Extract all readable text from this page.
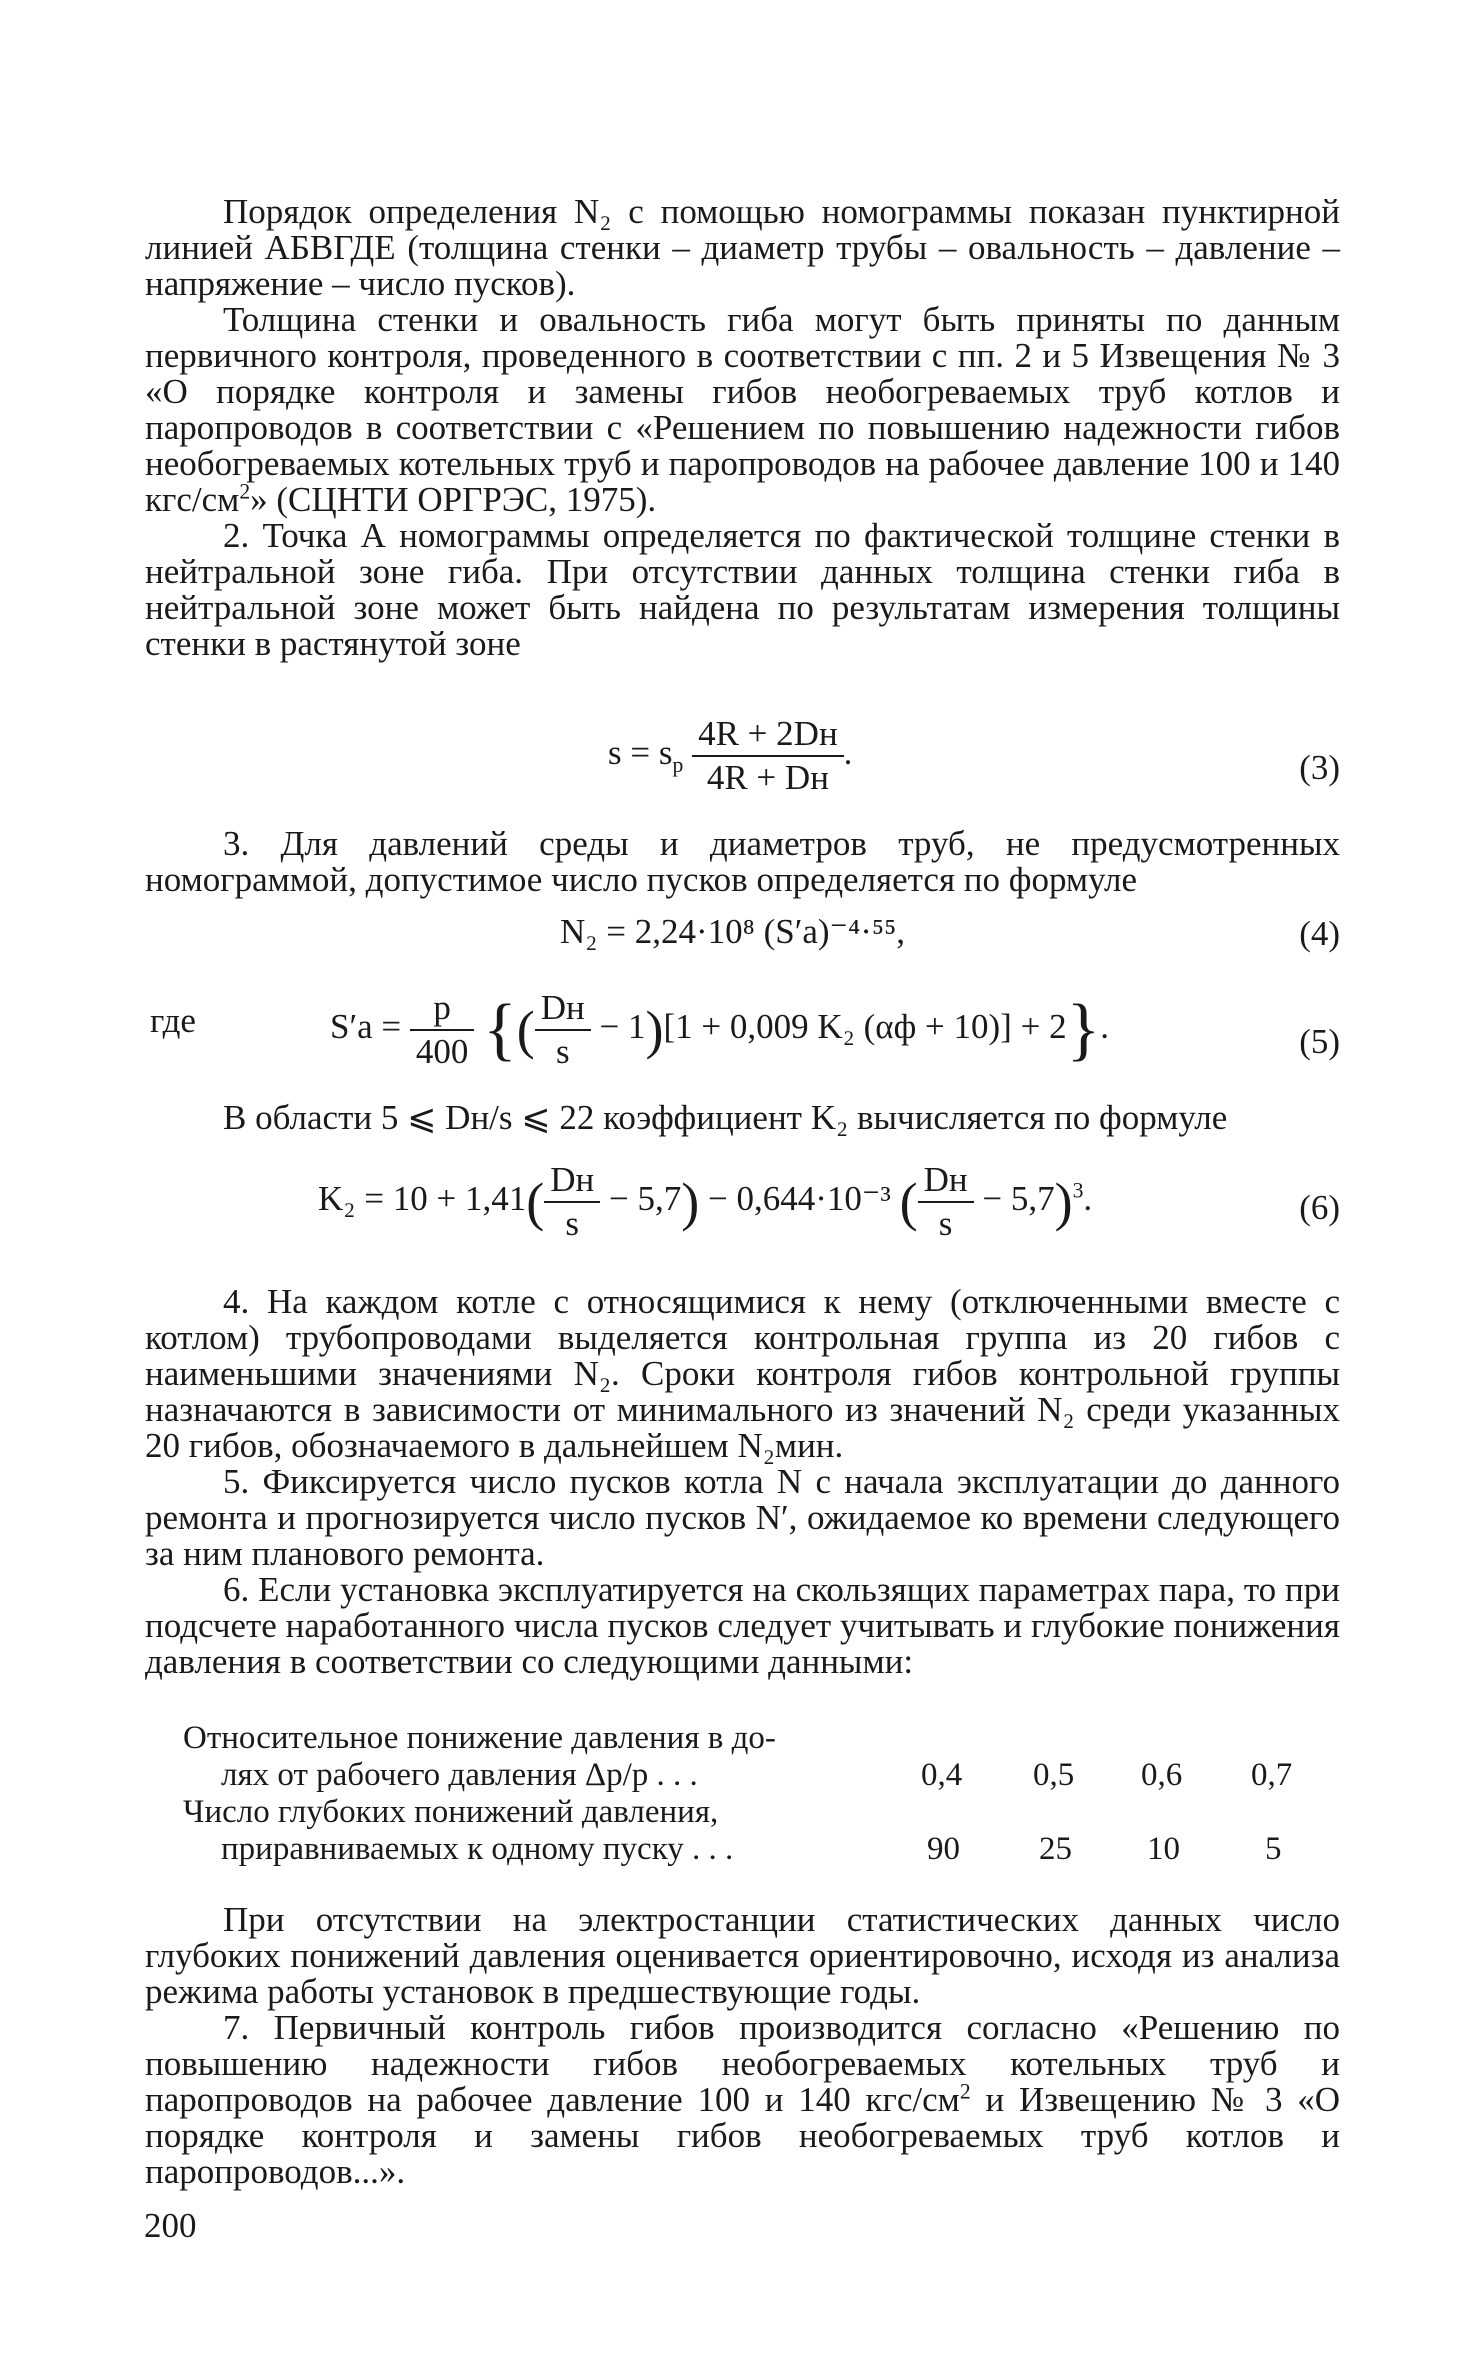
Порядок определения N₂ с помощью номограммы показан пунктирной линией АБВГДЕ (толщина стенки – диаметр трубы – овальность – давление – напряжение – число пусков).

Толщина стенки и овальность гиба могут быть приняты по данным первичного контроля, проведенного в соответствии с пп. 2 и 5 Извещения № 3 «О порядке контроля и замены гибов необогреваемых труб котлов и паропроводов в соответствии с «Решением по повышению надежности гибов необогреваемых котельных труб и паропроводов на рабочее давление 100 и 140 кгс/$см^2$» (СЦНТИ ОРГРЭС, 1975).

2. Точка А номограммы определяется по фактической толщине стенки в нейтральной зоне гиба. При отсутствии данных толщина стенки гиба в нейтральной зоне может быть найдена по результатам измерения толщины стенки в растянутой зоне

$s = s_р \frac{4R + 2Dн}{4R + Dн}$ .	(3)

3. Для давлений среды и диаметров труб, не предусмотренных номограммой, допустимое число пусков определяется по формуле

N₂ = 2,24·10⁸ (S′а)⁻⁴·⁵⁵,	(4)
где	$S'а = \frac{p}{400}$ {( $\frac{Dн}{s} - 1)[1 + 0,009$ K₂ (αф + 10)] + 2}.	(5)

В области 5 ⩽ Dн/s ⩽ 22 коэффициент K₂ вычисляется по формуле

$K_2 = 10 + 1,41( \frac{Dн}{s} - 5,7) - 0,644\cdot 10^{-3}$ ( $\frac{Dн}{s} - 5,7)^3$.	(6)

4. На каждом котле с относящимися к нему (отключенными вместе с котлом) трубопроводами выделяется контрольная группа из 20 гибов с наименьшими значениями N₂. Сроки контроля гибов контрольной группы назначаются в зависимости от минимального из значений N₂ среди указанных 20 гибов, обозначаемого в дальнейшем N₂мин.

5. Фиксируется число пусков котла N с начала эксплуатации до данного ремонта и прогнозируется число пусков N′, ожидаемое ко времени следующего за ним планового ремонта.

6. Если установка эксплуатируется на скользящих параметрах пара, то при подсчете наработанного числа пусков следует учитывать и глубокие понижения давления в соответствии со следующими данными:

Относительное понижение давления в до-
лях от рабочего давления Δp/p . . .	0,4 0,5 0,6 0,7
Число глубоких понижений давления,
приравниваемых к одному пуску . . .	90 25 10	5

При отсутствии на электростанции статистических данных число глубоких понижений давления оценивается ориентировочно, исходя из анализа режима работы установок в предшествующие годы.

7. Первичный контроль гибов производится согласно «Решению по повышению надежности гибов необогреваемых котельных труб и паропроводов на рабочее давление 100 и 140 кгс/$см^2$ и Извещению № 3 «О порядке контроля и замены гибов необогреваемых труб котлов и паропроводов...».

200
